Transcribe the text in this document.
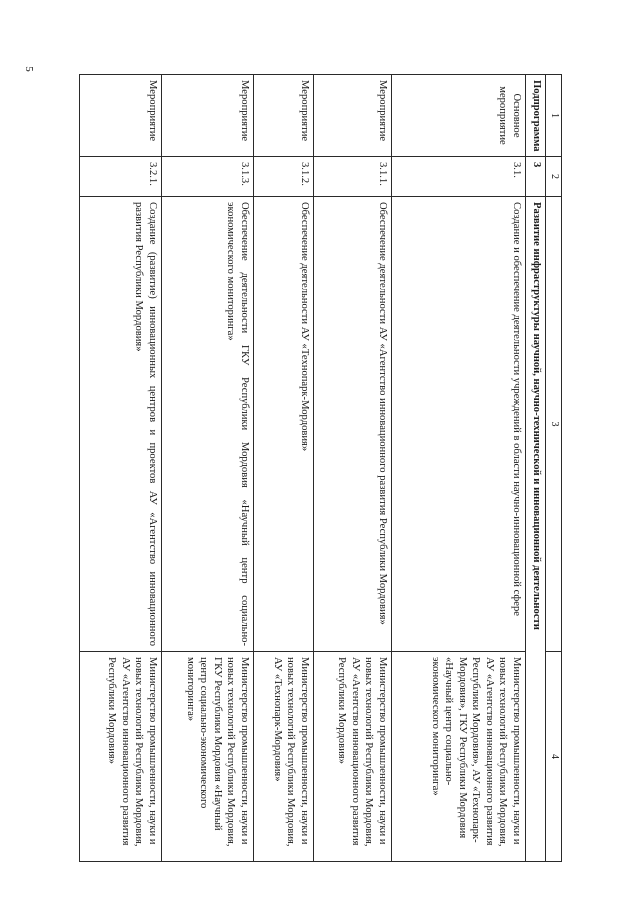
5
1	2	3	4
Подпрограмма	3	Развитие инфраструктуры научной, научно-технической и инновационной деятельности	
Основное мероприятие	3.1.	Создание и обеспечение деятельности учреждений в области научно-инновационной сфере	Министерство промышленности, науки и новых технологий Республики Мордовия, АУ «Агентство инновационного развития Республики Мордовия», АУ «Технопарк-Мордовия», ГКУ Республики Мордовия «Научный центр социально-экономического мониторинга»
Мероприятие	3.1.1.	Обеспечение деятельности АУ «Агентство инновационного развития Республики Мордовия»	Министерство промышленности, науки и новых технологий Республики Мордовия, АУ «Агентство инновационного развития Республики Мордовия»
Мероприятие	3.1.2.	Обеспечение деятельности АУ «Технопарк-Мордовия»	Министерство промышленности, науки и новых технологий Республики Мордовия, АУ «Технопарк-Мордовия»
Мероприятие	3.1.3.	Обеспечение деятельности ГКУ Республики Мордовия «Научный центр социально-экономического мониторинга»	Министерство промышленности, науки и новых технологий Республики Мордовия, ГКУ Республики Мордовия «Научный центр социально-экономического мониторинга»
Мероприятие	3.2.1.	Создание (развитие) инновационных центров и проектов АУ «Агентство инновационного развития Республики Мордовия»	Министерство промышленности, науки и новых технологий Республики Мордовия, АУ «Агентство инновационного развития Республики Мордовия»
